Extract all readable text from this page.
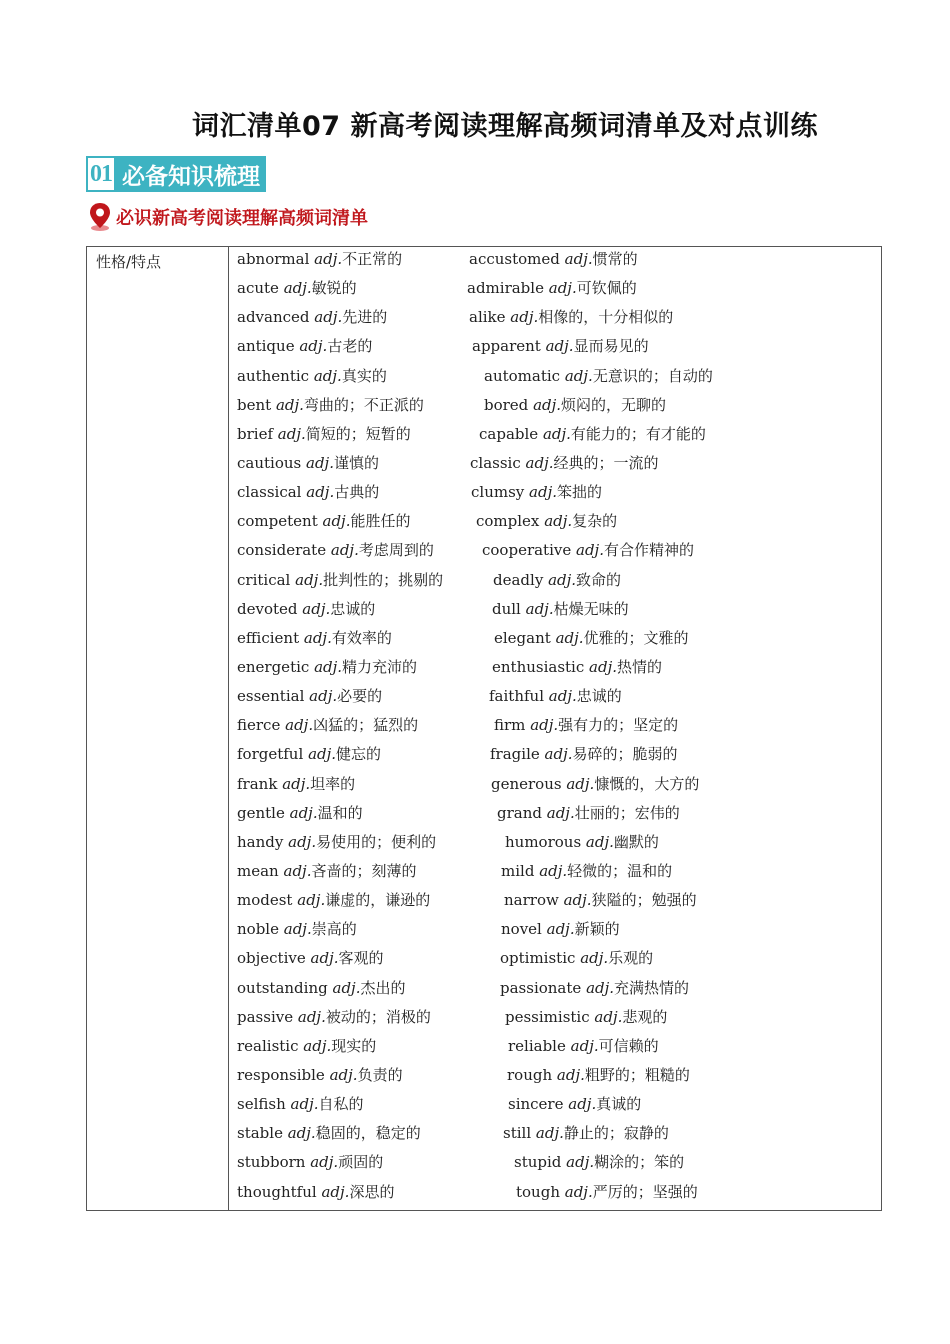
词汇清单07 新高考阅读理解高频词清单及对点训练
01 必备知识梳理
必识新高考阅读理解高频词清单
性格/特点	abnormal adj.不正常的	accustomed adj.惯常的
acute adj.敏锐的	admirable adj.可钦佩的
advanced adj.先进的	alike adj.相像的，十分相似的
antique adj.古老的	apparent adj.显而易见的
authentic adj.真实的	automatic adj.无意识的；自动的
bent adj.弯曲的；不正派的	bored adj.烦闷的，无聊的
brief adj.简短的；短暂的	capable adj.有能力的；有才能的
cautious adj.谨慎的	classic adj.经典的；一流的
classical adj.古典的	clumsy adj.笨拙的
competent adj.能胜任的	complex adj.复杂的
considerate adj.考虑周到的	cooperative adj.有合作精神的
critical adj.批判性的；挑剔的	deadly adj.致命的
devoted adj.忠诚的	dull adj.枯燥无味的
efficient adj.有效率的	elegant adj.优雅的；文雅的
energetic adj.精力充沛的	enthusiastic adj.热情的
essential adj.必要的	faithful adj.忠诚的
fierce adj.凶猛的；猛烈的	firm adj.强有力的；坚定的
forgetful adj.健忘的	fragile adj.易碎的；脆弱的
frank adj.坦率的	generous adj.慷慨的，大方的
gentle adj.温和的	grand adj.壮丽的；宏伟的
handy adj.易使用的；便利的	humorous adj.幽默的
mean adj.吝啬的；刻薄的	mild adj.轻微的；温和的
modest adj.谦虚的，谦逊的	narrow adj.狭隘的；勉强的
noble adj.崇高的	novel adj.新颖的
objective adj.客观的	optimistic adj.乐观的
outstanding adj.杰出的	passionate adj.充满热情的
passive adj.被动的；消极的	pessimistic adj.悲观的
realistic adj.现实的	reliable adj.可信赖的
responsible adj.负责的	rough adj.粗野的；粗糙的
selfish adj.自私的	sincere adj.真诚的
stable adj.稳固的，稳定的	still adj.静止的；寂静的
stubborn adj.顽固的	stupid adj.糊涂的；笨的
thoughtful adj.深思的	tough adj.严厉的；坚强的
